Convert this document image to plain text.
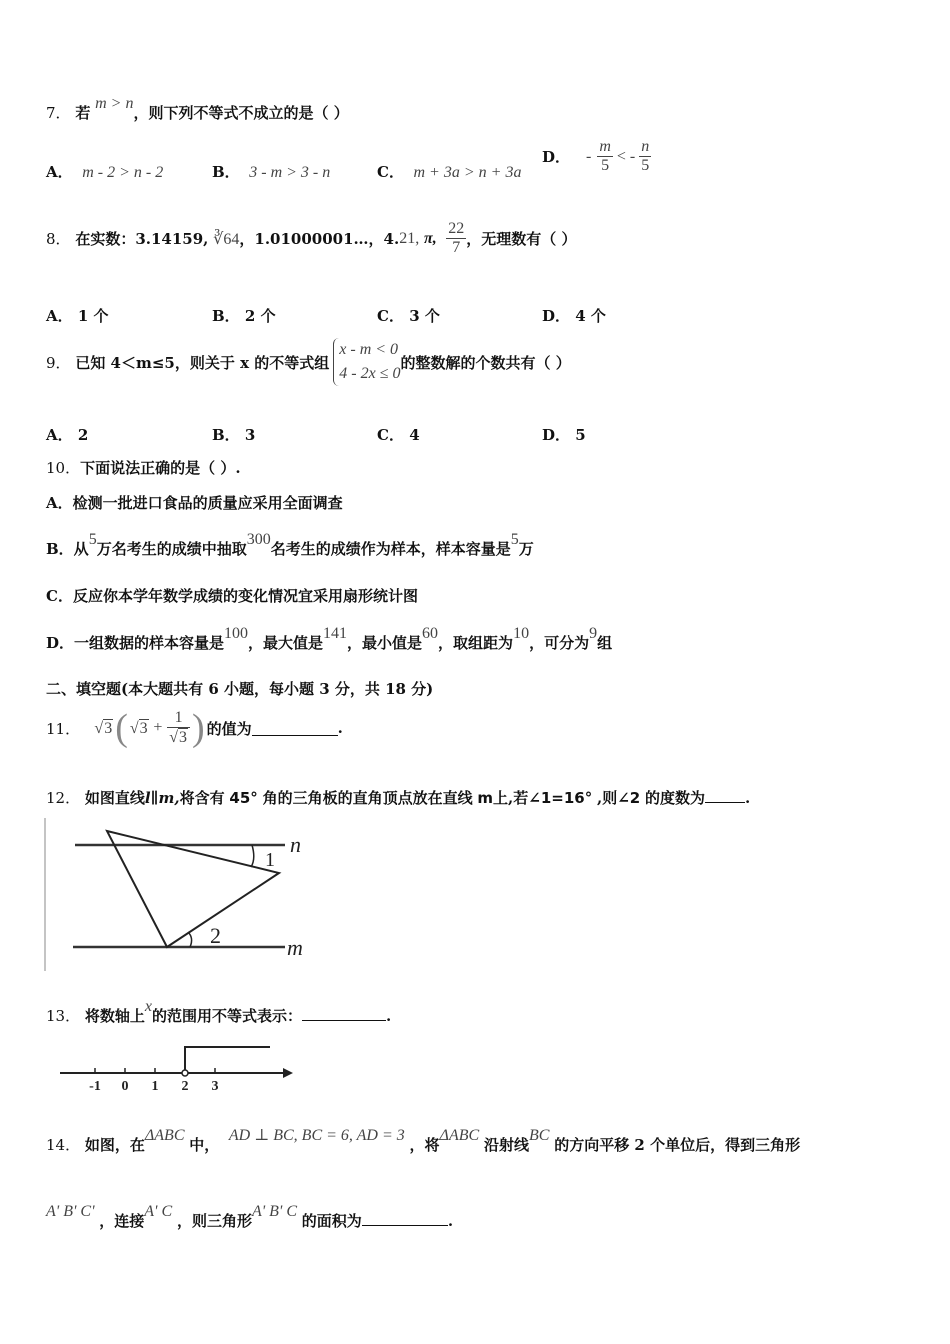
7． 若 m > n，则下列不等式不成立的是（ ）
A． m - 2 > n - 2	B． 3 - m > 3 - n	C． m + 3a > n + 3a
D． - $\frac{m}{5}$ < - $\frac{n}{5}$
8．
在实数：3.14159,
∛64 ，1.01000001…，4. 21,
π,
$\frac{22}{7}$ ，无理数有（ ）
A． 1 个	B． 2 个	C． 3 个	D． 4 个
9．
已知 4＜m≤5，则关于 x 的不等式组
x - m < 0
4 - 2x ≤ 0
的整数解的个数共有（ ）
A． 2	B． 3	C． 4	D． 5
10．下面说法正确的是（ ）.
A．检测一批进口食品的质量应采用全面调查
B．从5万名考生的成绩中抽取300名考生的成绩作为样本，样本容量是5万
C．反应你本学年数学成绩的变化情况宜采用扇形统计图
D．一组数据的样本容量是100，最大值是141，最小值是60，取组距为10，可分为9组
二、填空题(本大题共有 6 小题，每小题 3 分，共 18 分)
11．
√3 ( √3
+
$\frac{1}{√3}$ ) 的值为	.
12． 如图直线l∥m,将含有 45° 角的三角板的直角顶点放在直线 m上,若∠1=16° ,则∠2 的度数为	.
n
m
1
2
13． 将数轴上x的范围用不等式表示：	.
-1 0 1 2 3
14． 如图，在ΔABC 中，  AD ⊥ BC, BC = 6, AD = 3 ，将ΔABC 沿射线BC 的方向平移 2 个单位后，得到三角形
A' B' C' ，连接A' C ，则三角形A' B' C 的面积为	.
